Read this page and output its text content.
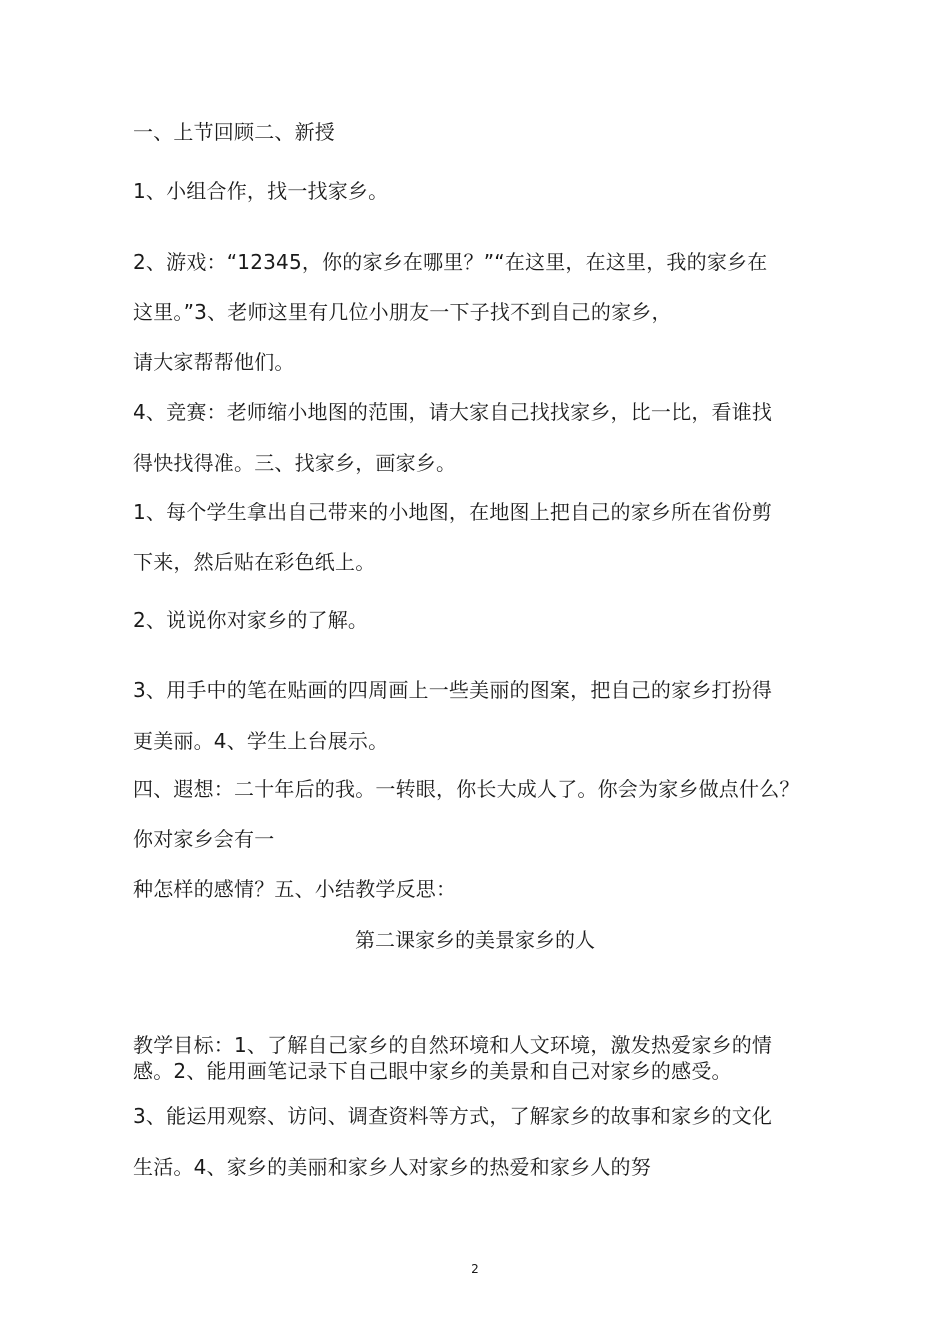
一、上节回顾二、新授
1、小组合作，找一找家乡。
2、游戏：“12345，你的家乡在哪里？”“在这里，在这里，我的家乡在
这里。”3、老师这里有几位小朋友一下子找不到自己的家乡，
请大家帮帮他们。
4、竞赛：老师缩小地图的范围，请大家自己找找家乡，比一比，看谁找
得快找得准。三、找家乡，画家乡。
1、每个学生拿出自己带来的小地图，在地图上把自己的家乡所在省份剪
下来，然后贴在彩色纸上。
2、说说你对家乡的了解。
3、用手中的笔在贴画的四周画上一些美丽的图案，把自己的家乡打扮得
更美丽。4、学生上台展示。
四、遐想：二十年后的我。一转眼，你长大成人了。你会为家乡做点什么？
你对家乡会有一
种怎样的感情？五、小结教学反思：
第二课家乡的美景家乡的人
教学目标：1、了解自己家乡的自然环境和人文环境，激发热爱家乡的情
感。2、能用画笔记录下自己眼中家乡的美景和自己对家乡的感受。
3、能运用观察、访问、调查资料等方式，了解家乡的故事和家乡的文化
生活。4、家乡的美丽和家乡人对家乡的热爱和家乡人的努
2
